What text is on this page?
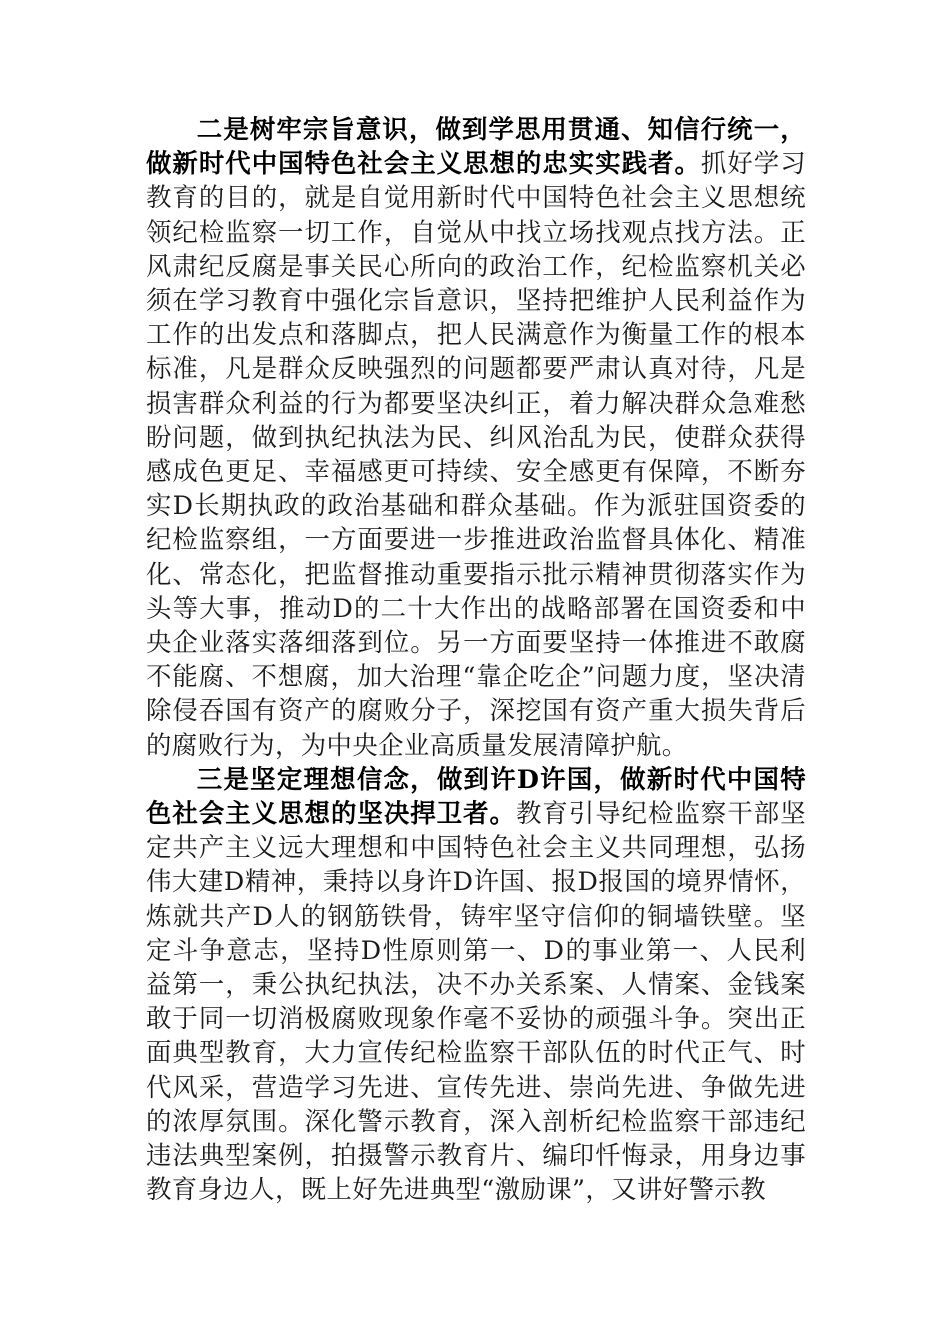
二是树牢宗旨意识，做到学思用贯通、知信行统一，做新时代中国特色社会主义思想的忠实实践者。抓好学习教育的目的，就是自觉用新时代中国特色社会主义思想统领纪检监察一切工作，自觉从中找立场找观点找方法。正风肃纪反腐是事关民心所向的政治工作，纪检监察机关必须在学习教育中强化宗旨意识，坚持把维护人民利益作为工作的出发点和落脚点，把人民满意作为衡量工作的根本标准，凡是群众反映强烈的问题都要严肃认真对待，凡是损害群众利益的行为都要坚决纠正，着力解决群众急难愁盼问题，做到执纪执法为民、纠风治乱为民，使群众获得感成色更足、幸福感更可持续、安全感更有保障，不断夯实D长期执政的政治基础和群众基础。作为派驻国资委的纪检监察组，一方面要进一步推进政治监督具体化、精准化、常态化，把监督推动重要指示批示精神贯彻落实作为头等大事，推动D的二十大作出的战略部署在国资委和中央企业落实落细落到位。另一方面要坚持一体推进不敢腐不能腐、不想腐，加大治理“靠企吃企”问题力度，坚决清除侵吞国有资产的腐败分子，深挖国有资产重大损失背后的腐败行为，为中央企业高质量发展清障护航。

三是坚定理想信念，做到许D许国，做新时代中国特色社会主义思想的坚决捍卫者。教育引导纪检监察干部坚定共产主义远大理想和中国特色社会主义共同理想，弘扬伟大建D精神，秉持以身许D许国、报D报国的境界情怀，炼就共产D人的钢筋铁骨，铸牢坚守信仰的铜墙铁壁。坚定斗争意志，坚持D性原则第一、D的事业第一、人民利益第一，秉公执纪执法，决不办关系案、人情案、金钱案敢于同一切消极腐败现象作毫不妥协的顽强斗争。突出正面典型教育，大力宣传纪检监察干部队伍的时代正气、时代风采，营造学习先进、宣传先进、崇尚先进、争做先进的浓厚氛围。深化警示教育，深入剖析纪检监察干部违纪违法典型案例，拍摄警示教育片、编印忏悔录，用身边事教育身边人，既上好先进典型“激励课”，又讲好警示教
